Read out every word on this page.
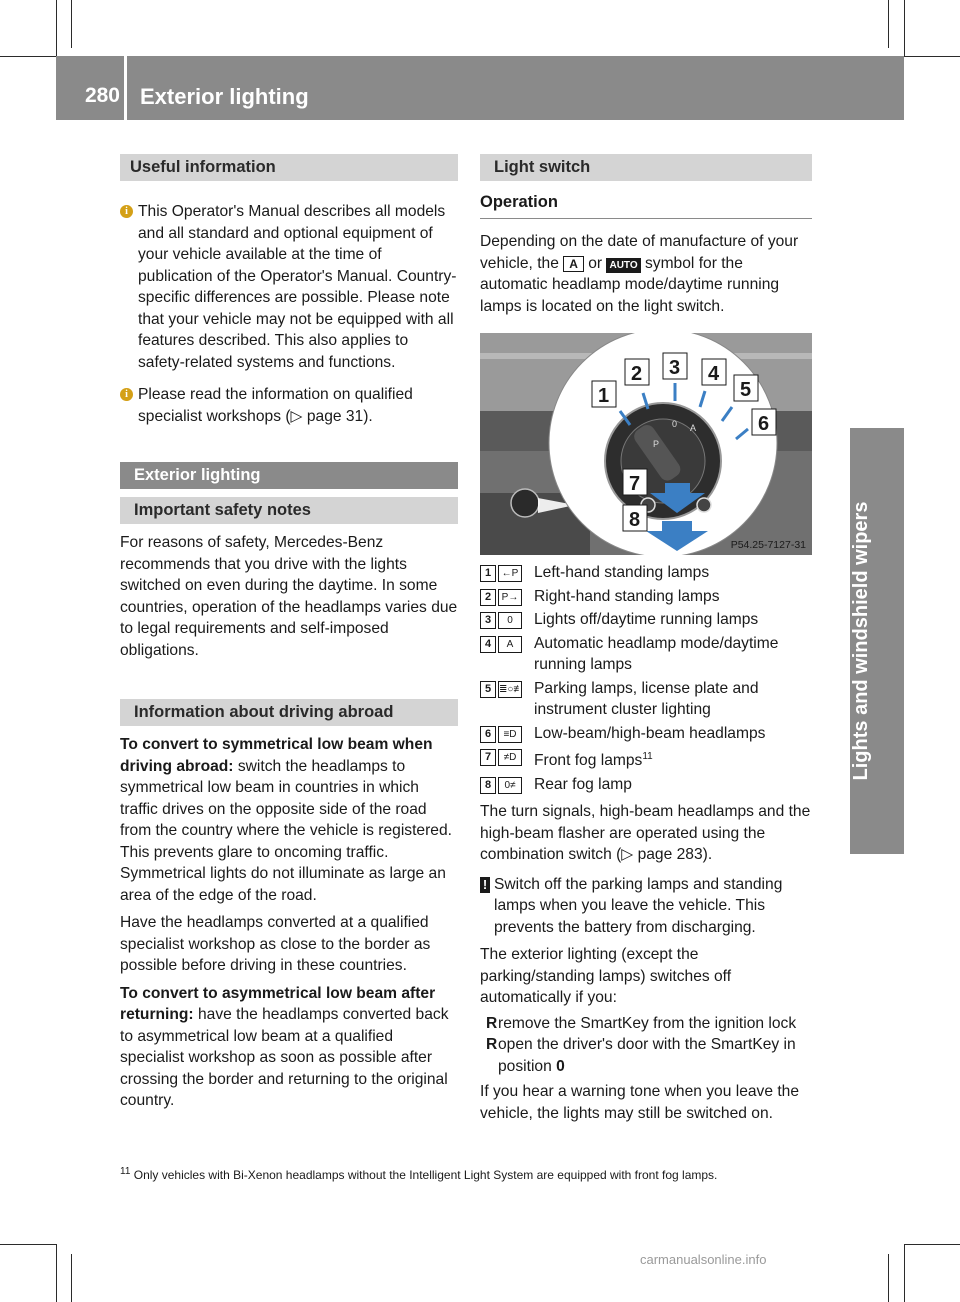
280 Exterior lighting
Lights and windshield wipers
Useful information

i This Operator's Manual describes all models and all standard and optional equipment of your vehicle available at the time of publication of the Operator's Manual. Country-specific differences are possible. Please note that your vehicle may not be equipped with all features described. This also applies to safety-related systems and functions.

i Please read the information on qualified specialist workshops (▷ page 31).

Exterior lighting
Important safety notes

For reasons of safety, Mercedes-Benz recommends that you drive with the lights switched on even during the daytime. In some countries, operation of the headlamps varies due to legal requirements and self-imposed obligations.

Information about driving abroad

To convert to symmetrical low beam when driving abroad: switch the headlamps to symmetrical low beam in countries in which traffic drives on the opposite side of the road from the country where the vehicle is registered. This prevents glare to oncoming traffic. Symmetrical lights do not illuminate as large an area of the edge of the road.

Have the headlamps converted at a qualified specialist workshop as close to the border as possible before driving in these countries.

To convert to asymmetrical low beam after returning: have the headlamps converted back to asymmetrical low beam at a qualified specialist workshop as soon as possible after crossing the border and returning to the original country.

Light switch
Operation

Depending on the date of manufacture of your vehicle, the A or AUTO symbol for the automatic headlamp mode/daytime running lamps is located on the light switch.

P
0 A
1
2 3 4
5
6
7
8
P54.25-7127-31
1	←P Left-hand standing lamps
2	P→ Right-hand standing lamps
3	0	Lights off/daytime running lamps
4	A	Automatic headlamp mode/daytime running lamps
5 ≣○≢ Parking lamps, license plate and instrument cluster lighting
6	≡D	Low-beam/high-beam headlamps
7	≠D	Front fog lamps$^{11}$
8	0≠	Rear fog lamp

The turn signals, high-beam headlamps and the high-beam flasher are operated using the combination switch (▷ page 283).

! Switch off the parking lamps and standing lamps when you leave the vehicle. This prevents the battery from discharging.

The exterior lighting (except the parking/standing lamps) switches off automatically if you:

R remove the SmartKey from the ignition lock
R open the driver's door with the SmartKey in position 0

If you hear a warning tone when you leave the vehicle, the lights may still be switched on.

$^{11}$ Only vehicles with Bi-Xenon headlamps without the Intelligent Light System are equipped with front fog lamps.
carmanualsonline.info
